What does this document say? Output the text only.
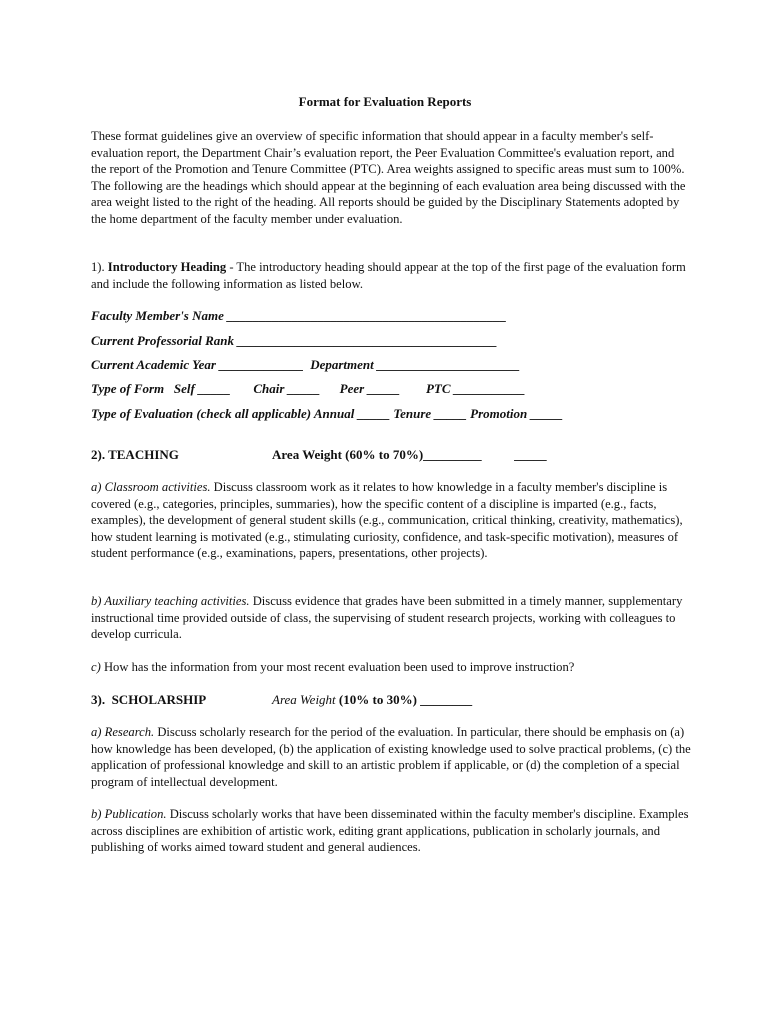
Format for Evaluation Reports
These format guidelines give an overview of specific information that should appear in a faculty member's self-evaluation report, the Department Chair’s evaluation report, the Peer Evaluation Committee's evaluation report, and the report of the Promotion and Tenure Committee (PTC). Area weights assigned to specific areas must sum to 100%. The following are the headings which should appear at the beginning of each evaluation area being discussed with the area weight listed to the right of the heading. All reports should be guided by the Disciplinary Statements adopted by the home department of the faculty member under evaluation.
1). Introductory Heading - The introductory heading should appear at the top of the first page of the evaluation form and include the following information as listed below.
Faculty Member's Name ___________________________________________
Current Professorial Rank ________________________________________
Current Academic Year _____________  Department ______________________
Type of Form   Self _____       Chair _____      Peer _____        PTC ___________
Type of Evaluation (check all applicable) Annual _____ Tenure _____ Promotion _____
2). TEACHING	Area Weight (60% to 70%)_________          _____
a) Classroom activities. Discuss classroom work as it relates to how knowledge in a faculty member's discipline is covered (e.g., categories, principles, summaries), how the specific content of a discipline is imparted (e.g., facts, examples), the development of general student skills (e.g., communication, critical thinking, creativity, mathematics), how student learning is motivated (e.g., stimulating curiosity, confidence, and task-specific motivation), measures of student performance (e.g., examinations, papers, presentations, other projects).
b) Auxiliary teaching activities. Discuss evidence that grades have been submitted in a timely manner, supplementary instructional time provided outside of class, the supervising of student research projects, working with colleagues to develop curricula.
c) How has the information from your most recent evaluation been used to improve instruction?
3).  SCHOLARSHIP	Area Weight (10% to 30%) ________
a) Research. Discuss scholarly research for the period of the evaluation. In particular, there should be emphasis on (a) how knowledge has been developed, (b) the application of existing knowledge used to solve practical problems, (c) the application of professional knowledge and skill to an artistic problem if applicable, or (d) the completion of a special program of intellectual development.
b) Publication. Discuss scholarly works that have been disseminated within the faculty member's discipline. Examples across disciplines are exhibition of artistic work, editing grant applications, publication in scholarly journals, and publishing of works aimed toward student and general audiences.
